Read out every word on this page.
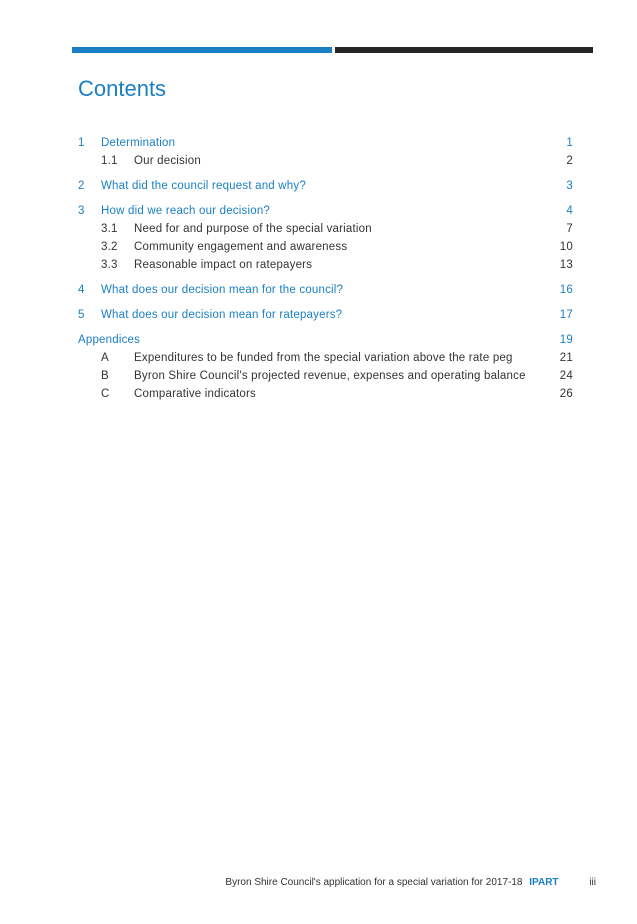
Contents
1 Determination	1
1.1 Our decision	2
2 What did the council request and why?	3
3 How did we reach our decision?	4
3.1 Need for and purpose of the special variation	7
3.2 Community engagement and awareness	10
3.3 Reasonable impact on ratepayers	13
4 What does our decision mean for the council?	16
5 What does our decision mean for ratepayers?	17
Appendices	19
A Expenditures to be funded from the special variation above the rate peg	21
B Byron Shire Council's projected revenue, expenses and operating balance	24
C Comparative indicators	26
Byron Shire Council's application for a special variation for 2017-18 IPART	iii
